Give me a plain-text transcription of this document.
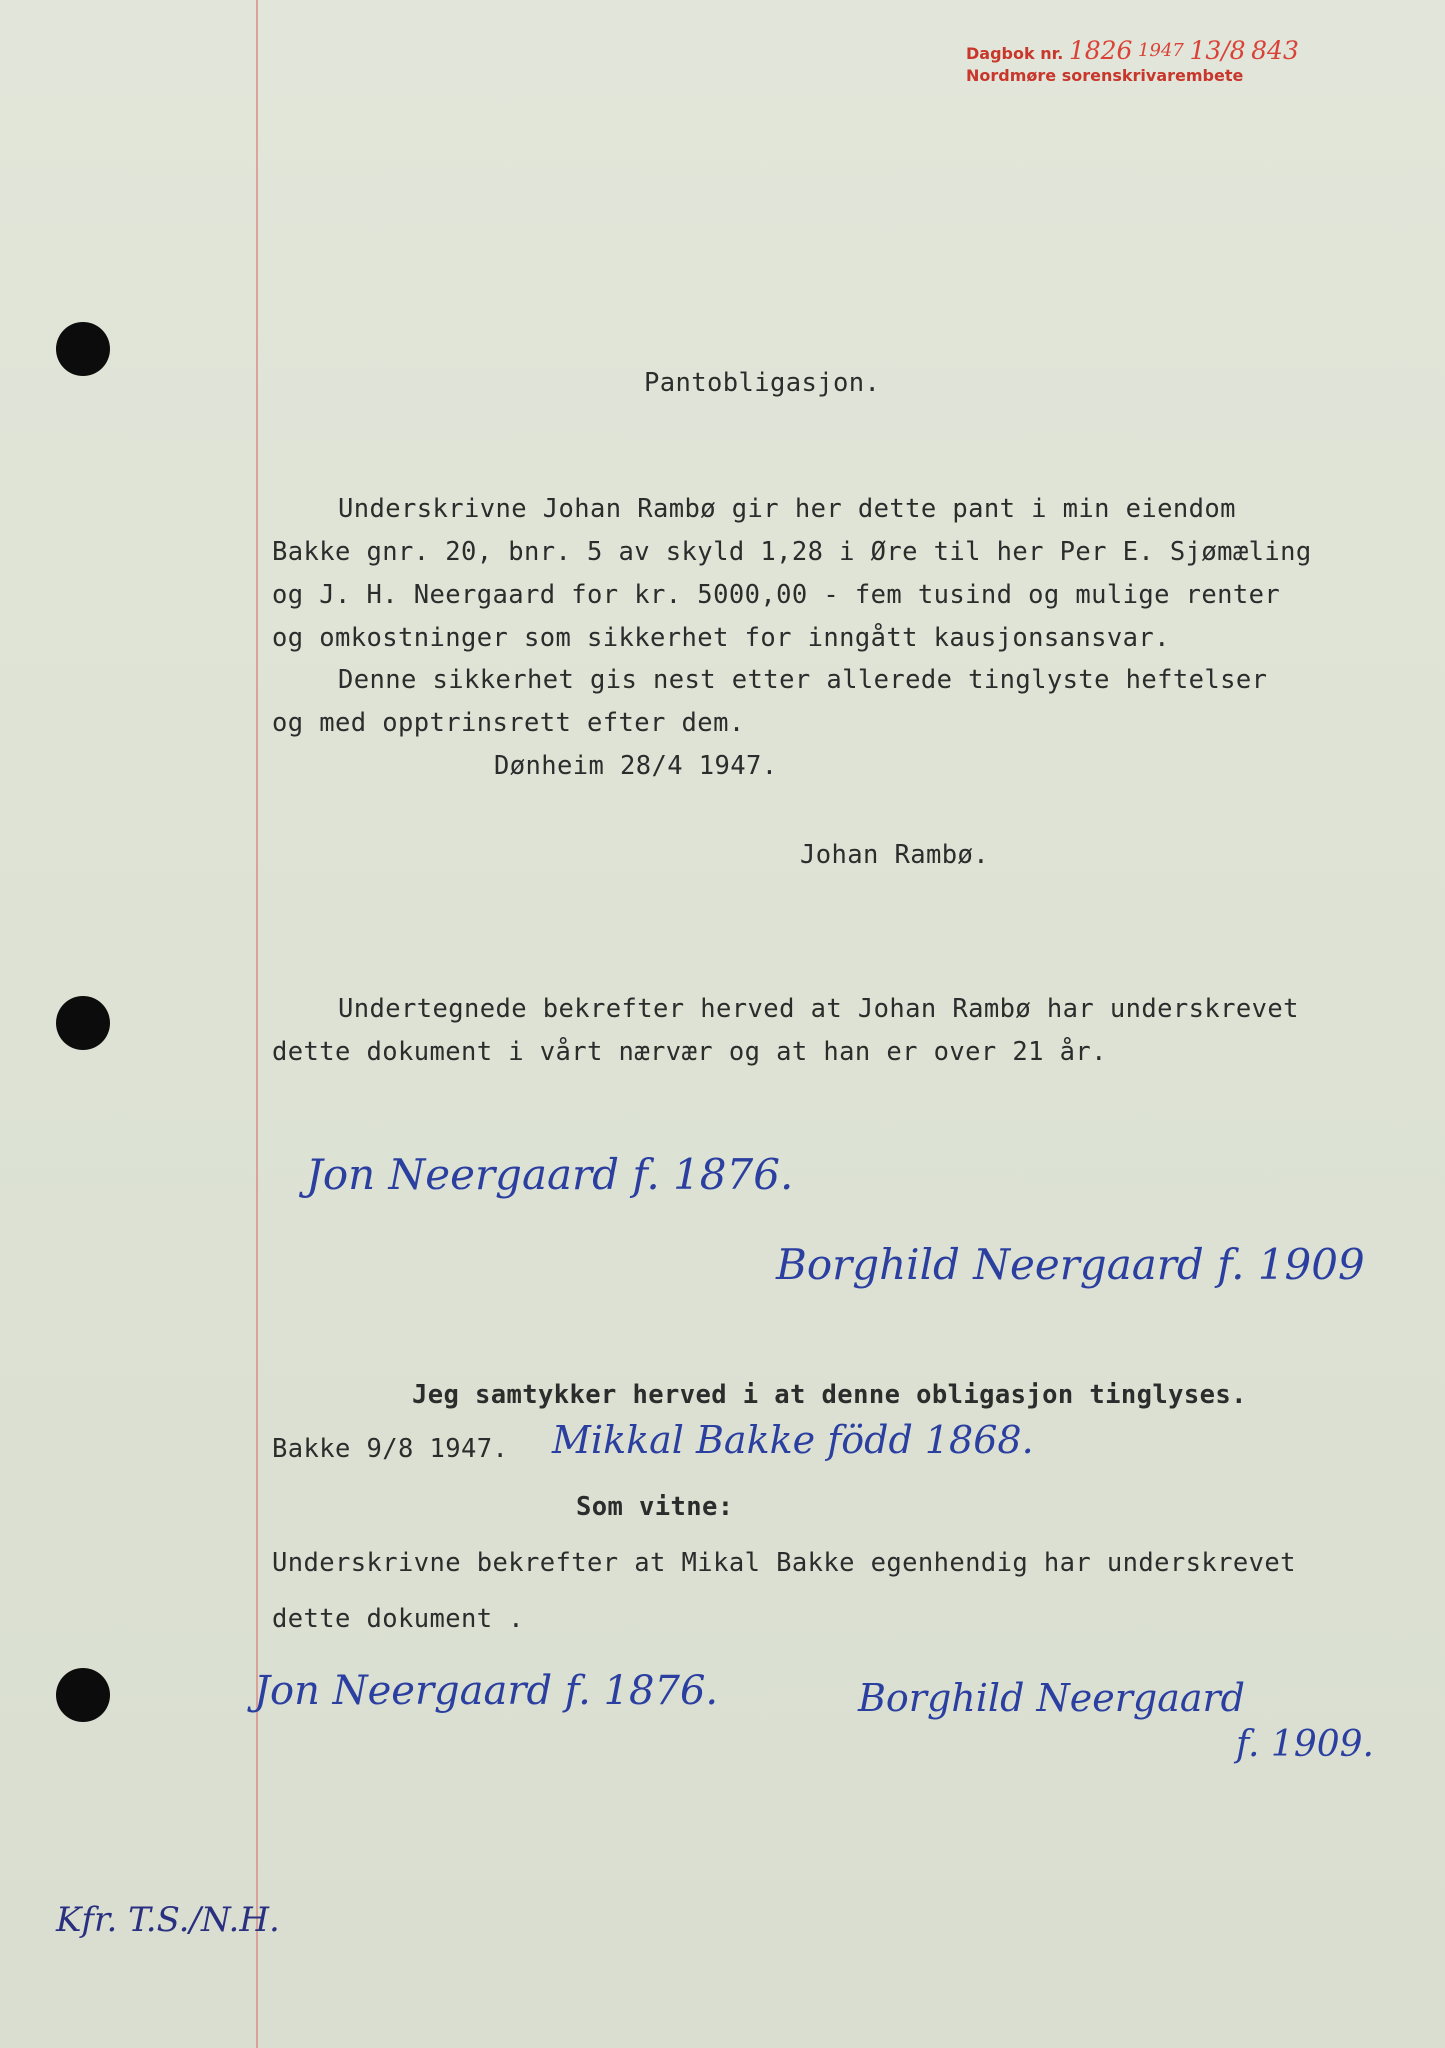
Dagbok nr. 1826 1947 13/8 843
Nordmøre sorenskrivarembete
Pantobligasjon.
Underskrivne Johan Rambø gir her dette pant i min eiendom
Bakke gnr. 20, bnr. 5 av skyld 1,28 i Øre til her Per E. Sjømæling
og J. H. Neergaard for kr. 5000,00 - fem tusind og mulige renter
og omkostninger som sikkerhet for inngått kausjonsansvar.
Denne sikkerhet gis nest etter allerede tinglyste heftelser
og med opptrinsrett efter dem.
Dønheim 28/4 1947.
Johan Rambø.
Undertegnede bekrefter herved at Johan Rambø har underskrevet
dette dokument i vårt nærvær og at han er over 21 år.
Jon Neergaard f. 1876.
Borghild Neergaard f. 1909
Jeg samtykker herved i at denne obligasjon tinglyses.
Bakke 9/8 1947. Mikkal Bakke född 1868.
Som vitne:
Underskrivne bekrefter at Mikal Bakke egenhendig har underskrevet
dette dokument .
Jon Neergaard f. 1876.	Borghild Neergaard
f. 1909.
Kfr. T.S./N.H.
